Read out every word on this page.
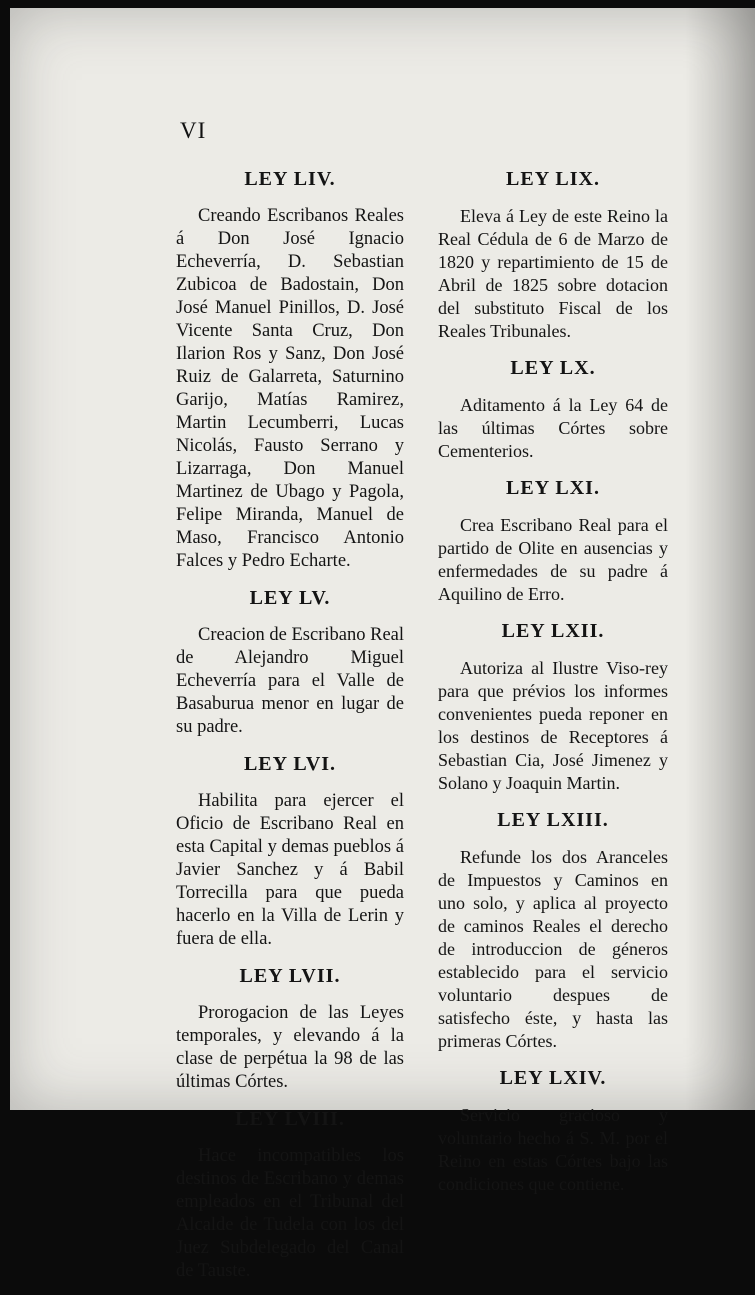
VI
LEY LIV.

Creando Escribanos Reales á Don José Ignacio Echeverría, D. Sebastian Zubicoa de Badostain, Don José Manuel Pinillos, D. José Vicente Santa Cruz, Don Ilarion Ros y Sanz, Don José Ruiz de Galarreta, Saturnino Garijo, Matías Ramirez, Martin Lecumberri, Lucas Nicolás, Fausto Serrano y Lizarraga, Don Manuel Martinez de Ubago y Pagola, Felipe Miranda, Manuel de Maso, Francisco Antonio Falces y Pedro Echarte.

LEY LV.

Creacion de Escribano Real de Alejandro Miguel Echeverría para el Valle de Basaburua menor en lugar de su padre.

LEY LVI.

Habilita para ejercer el Oficio de Escribano Real en esta Capital y demas pueblos á Javier Sanchez y á Babil Torrecilla para que pueda hacerlo en la Villa de Lerin y fuera de ella.

LEY LVII.

Prorogacion de las Leyes temporales, y elevando á la clase de perpétua la 98 de las últimas Córtes.

LEY LVIII.

Hace incompatibles los destinos de Escribano y demas empleados en el Tribunal del Alcalde de Tudela con los del Juez Subdelegado del Canal de Tauste.

LEY LIX.

Eleva á Ley de este Reino la Real Cédula de 6 de Marzo de 1820 y repartimiento de 15 de Abril de 1825 sobre dotacion del substituto Fiscal de los Reales Tribunales.

LEY LX.

Aditamento á la Ley 64 de las últimas Córtes sobre Cementerios.

LEY LXI.

Crea Escribano Real para el partido de Olite en ausencias y enfermedades de su padre á Aquilino de Erro.

LEY LXII.

Autoriza al Ilustre Viso-rey para que prévios los informes convenientes pueda reponer en los destinos de Receptores á Sebastian Cia, José Jimenez y Solano y Joaquin Martin.

LEY LXIII.

Refunde los dos Aranceles de Impuestos y Caminos en uno solo, y aplica al proyecto de caminos Reales el derecho de introduccion de géneros establecido para el servicio voluntario despues de satisfecho éste, y hasta las primeras Córtes.

LEY LXIV.

Servicio gracioso y voluntario hecho á S. M. por el Reino en estas Córtes bajo las condiciones que contiene.
